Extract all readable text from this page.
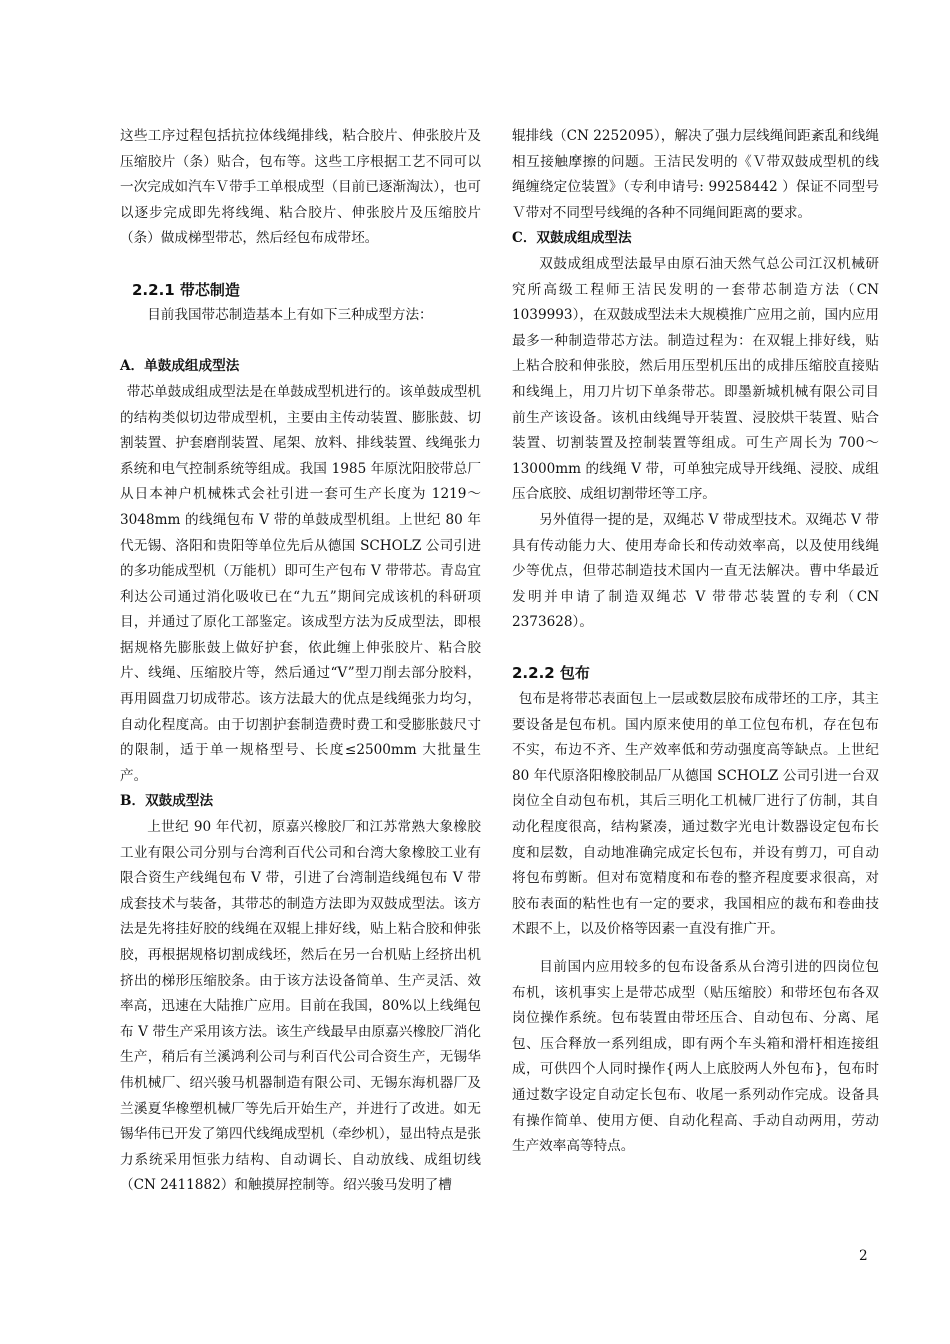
这些工序过程包括抗拉体线绳排线，粘合胶片、伸张胶片及压缩胶片（条）贴合，包布等。这些工序根据工艺不同可以一次完成如汽车Ｖ带手工单根成型（目前已逐渐淘汰），也可以逐步完成即先将线绳、粘合胶片、伸张胶片及压缩胶片（条）做成梯型带芯，然后经包布成带坯。

2.2.1 带芯制造

目前我国带芯制造基本上有如下三种成型方法：

A．单鼓成组成型法

带芯单鼓成组成型法是在单鼓成型机进行的。该单鼓成型机的结构类似切边带成型机，主要由主传动装置、膨胀鼓、切割装置、护套磨削装置、尾架、放料、排线装置、线绳张力系统和电气控制系统等组成。我国 1985 年原沈阳胶带总厂从日本神户机械株式会社引进一套可生产长度为 1219～3048mm 的线绳包布 V 带的单鼓成型机组。上世纪 80 年代无锡、洛阳和贵阳等单位先后从德国 SCHOLZ 公司引进的多功能成型机（万能机）即可生产包布 V 带带芯。青岛宜利达公司通过消化吸收已在“九五”期间完成该机的科研项目，并通过了原化工部鉴定。该成型方法为反成型法，即根据规格先膨胀鼓上做好护套，依此缠上伸张胶片、粘合胶片、线绳、压缩胶片等，然后通过“V”型刀削去部分胶料，再用圆盘刀切成带芯。该方法最大的优点是线绳张力均匀，自动化程度高。由于切割护套制造费时费工和受膨胀鼓尺寸的限制，适于单一规格型号、长度≤2500mm 大批量生产。

B．双鼓成型法

上世纪 90 年代初，原嘉兴橡胶厂和江苏常熟大象橡胶工业有限公司分别与台湾利百代公司和台湾大象橡胶工业有限合资生产线绳包布 V 带，引进了台湾制造线绳包布 V 带成套技术与装备，其带芯的制造方法即为双鼓成型法。该方法是先将挂好胶的线绳在双辊上排好线，贴上粘合胶和伸张胶，再根据规格切割成线坯，然后在另一台机贴上经挤出机挤出的梯形压缩胶条。由于该方法设备简单、生产灵活、效率高，迅速在大陆推广应用。目前在我国，80%以上线绳包布 V 带生产采用该方法。该生产线最早由原嘉兴橡胶厂消化生产，稍后有兰溪鸿利公司与利百代公司合资生产，无锡华伟机械厂、绍兴骏马机器制造有限公司、无锡东海机器厂及兰溪夏华橡塑机械厂等先后开始生产，并进行了改进。如无锡华伟已开发了第四代线绳成型机（牵纱机），显出特点是张力系统采用恒张力结构、自动调长、自动放线、成组切线（CN 2411882）和触摸屏控制等。绍兴骏马发明了槽

辊排线（CN 2252095），解决了强力层线绳间距紊乱和线绳相互接触摩擦的问题。王洁民发明的《Ｖ带双鼓成型机的线绳缠绕定位装置》（专利申请号: 99258442 ）保证不同型号Ｖ带对不同型号线绳的各种不同绳间距离的要求。

C．双鼓成组成型法

双鼓成组成型法最早由原石油天然气总公司江汉机械研究所高级工程师王洁民发明的一套带芯制造方法（CN 1039993），在双鼓成型法未大规模推广应用之前，国内应用最多一种制造带芯方法。制造过程为：在双辊上排好线，贴上粘合胶和伸张胶，然后用压型机压出的成排压缩胶直接贴和线绳上，用刀片切下单条带芯。即墨新城机械有限公司目前生产该设备。该机由线绳导开装置、浸胶烘干装置、贴合装置、切割装置及控制装置等组成。可生产周长为 700～13000mm 的线绳 V 带，可单独完成导开线绳、浸胶、成组压合底胶、成组切割带坯等工序。

另外值得一提的是，双绳芯 V 带成型技术。双绳芯 V 带具有传动能力大、使用寿命长和传动效率高，以及使用线绳少等优点，但带芯制造技术国内一直无法解决。曹中华最近发明并申请了制造双绳芯 V 带带芯装置的专利（CN 2373628）。

2.2.2 包布

包布是将带芯表面包上一层或数层胶布成带坯的工序，其主要设备是包布机。国内原来使用的单工位包布机，存在包布不实，布边不齐、生产效率低和劳动强度高等缺点。上世纪 80 年代原洛阳橡胶制品厂从德国 SCHOLZ 公司引进一台双岗位全自动包布机，其后三明化工机械厂进行了仿制，其自动化程度很高，结构紧凑，通过数字光电计数器设定包布长度和层数，自动地准确完成定长包布，并设有剪刀，可自动将包布剪断。但对布宽精度和布卷的整齐程度要求很高，对胶布表面的粘性也有一定的要求，我国相应的裁布和卷曲技术跟不上，以及价格等因素一直没有推广开。

目前国内应用较多的包布设备系从台湾引进的四岗位包布机，该机事实上是带芯成型（贴压缩胶）和带坯包布各双岗位操作系统。包布装置由带坯压合、自动包布、分离、尾包、压合释放一系列组成，即有两个车头箱和滑杆相连接组成，可供四个人同时操作{两人上底胶两人外包布}，包布时通过数字设定自动定长包布、收尾一系列动作完成。设备具有操作简单、使用方便、自动化程高、手动自动两用，劳动生产效率高等特点。

2
